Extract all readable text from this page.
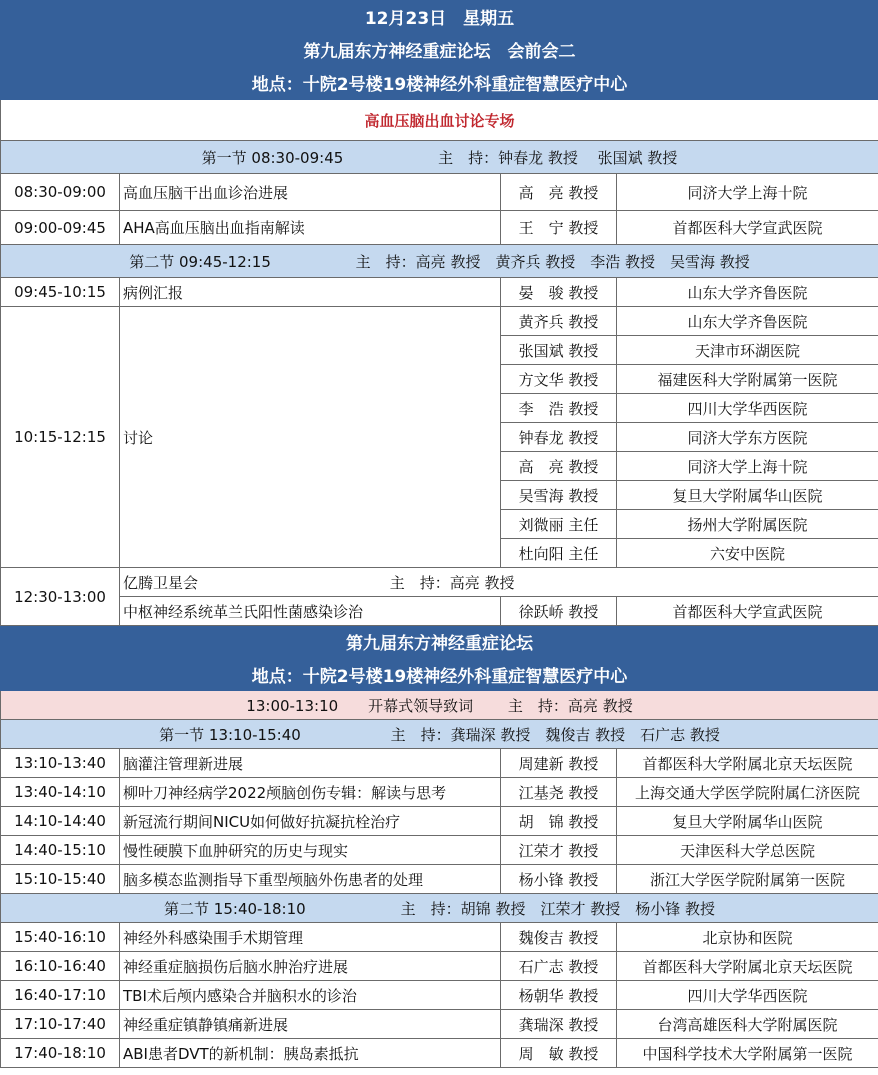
12月23日　星期五			
第九届东方神经重症论坛　会前会二			
地点：十院2号楼19楼神经外科重症智慧医疗中心			
高血压脑出血讨论专场			
第一节 08:30-09:45 主　持：钟春龙 教授　 张国斌 教授			
08:30-09:00	高血压脑干出血诊治进展	高　亮 教授	同济大学上海十院
09:00-09:45	AHA高血压脑出血指南解读	王　宁 教授	首都医科大学宣武医院
第二节 09:45-12:15 主　持：高亮 教授　黄齐兵 教授　李浩 教授　吴雪海 教授			
09:45-10:15	病例汇报	晏　骏 教授	山东大学齐鲁医院
10:15-12:15	讨论	黄齐兵 教授	山东大学齐鲁医院
		张国斌 教授	天津市环湖医院
		方文华 教授	福建医科大学附属第一医院
		李　浩 教授	四川大学华西医院
		钟春龙 教授	同济大学东方医院
		高　亮 教授	同济大学上海十院
		吴雪海 教授	复旦大学附属华山医院
		刘微丽 主任	扬州大学附属医院
		杜向阳 主任	六安中医院
12:30-13:00	亿腾卫星会 主　持：高亮 教授		
	中枢神经系统革兰氏阳性菌感染诊治	徐跃峤 教授	首都医科大学宣武医院
第九届东方神经重症论坛			
地点：十院2号楼19楼神经外科重症智慧医疗中心			
13:00-13:10　　开幕式领导致词　　 主　持：高亮 教授			
第一节 13:10-15:40 主　持：龚瑞深 教授　魏俊吉 教授　石广志 教授			
13:10-13:40	脑灌注管理新进展	周建新 教授	首都医科大学附属北京天坛医院
13:40-14:10	柳叶刀神经病学2022颅脑创伤专辑：解读与思考	江基尧 教授	上海交通大学医学院附属仁济医院
14:10-14:40	新冠流行期间NICU如何做好抗凝抗栓治疗	胡　锦 教授	复旦大学附属华山医院
14:40-15:10	慢性硬膜下血肿研究的历史与现实	江荣才 教授	天津医科大学总医院
15:10-15:40	脑多模态监测指导下重型颅脑外伤患者的处理	杨小锋 教授	浙江大学医学院附属第一医院
第二节 15:40-18:10 主　持：胡锦 教授　江荣才 教授　杨小锋 教授			
15:40-16:10	神经外科感染围手术期管理	魏俊吉 教授	北京协和医院
16:10-16:40	神经重症脑损伤后脑水肿治疗进展	石广志 教授	首都医科大学附属北京天坛医院
16:40-17:10	TBI术后颅内感染合并脑积水的诊治	杨朝华 教授	四川大学华西医院
17:10-17:40	神经重症镇静镇痛新进展	龚瑞深 教授	台湾高雄医科大学附属医院
17:40-18:10	ABI患者DVT的新机制：胰岛素抵抗	周　敏 教授	中国科学技术大学附属第一医院
